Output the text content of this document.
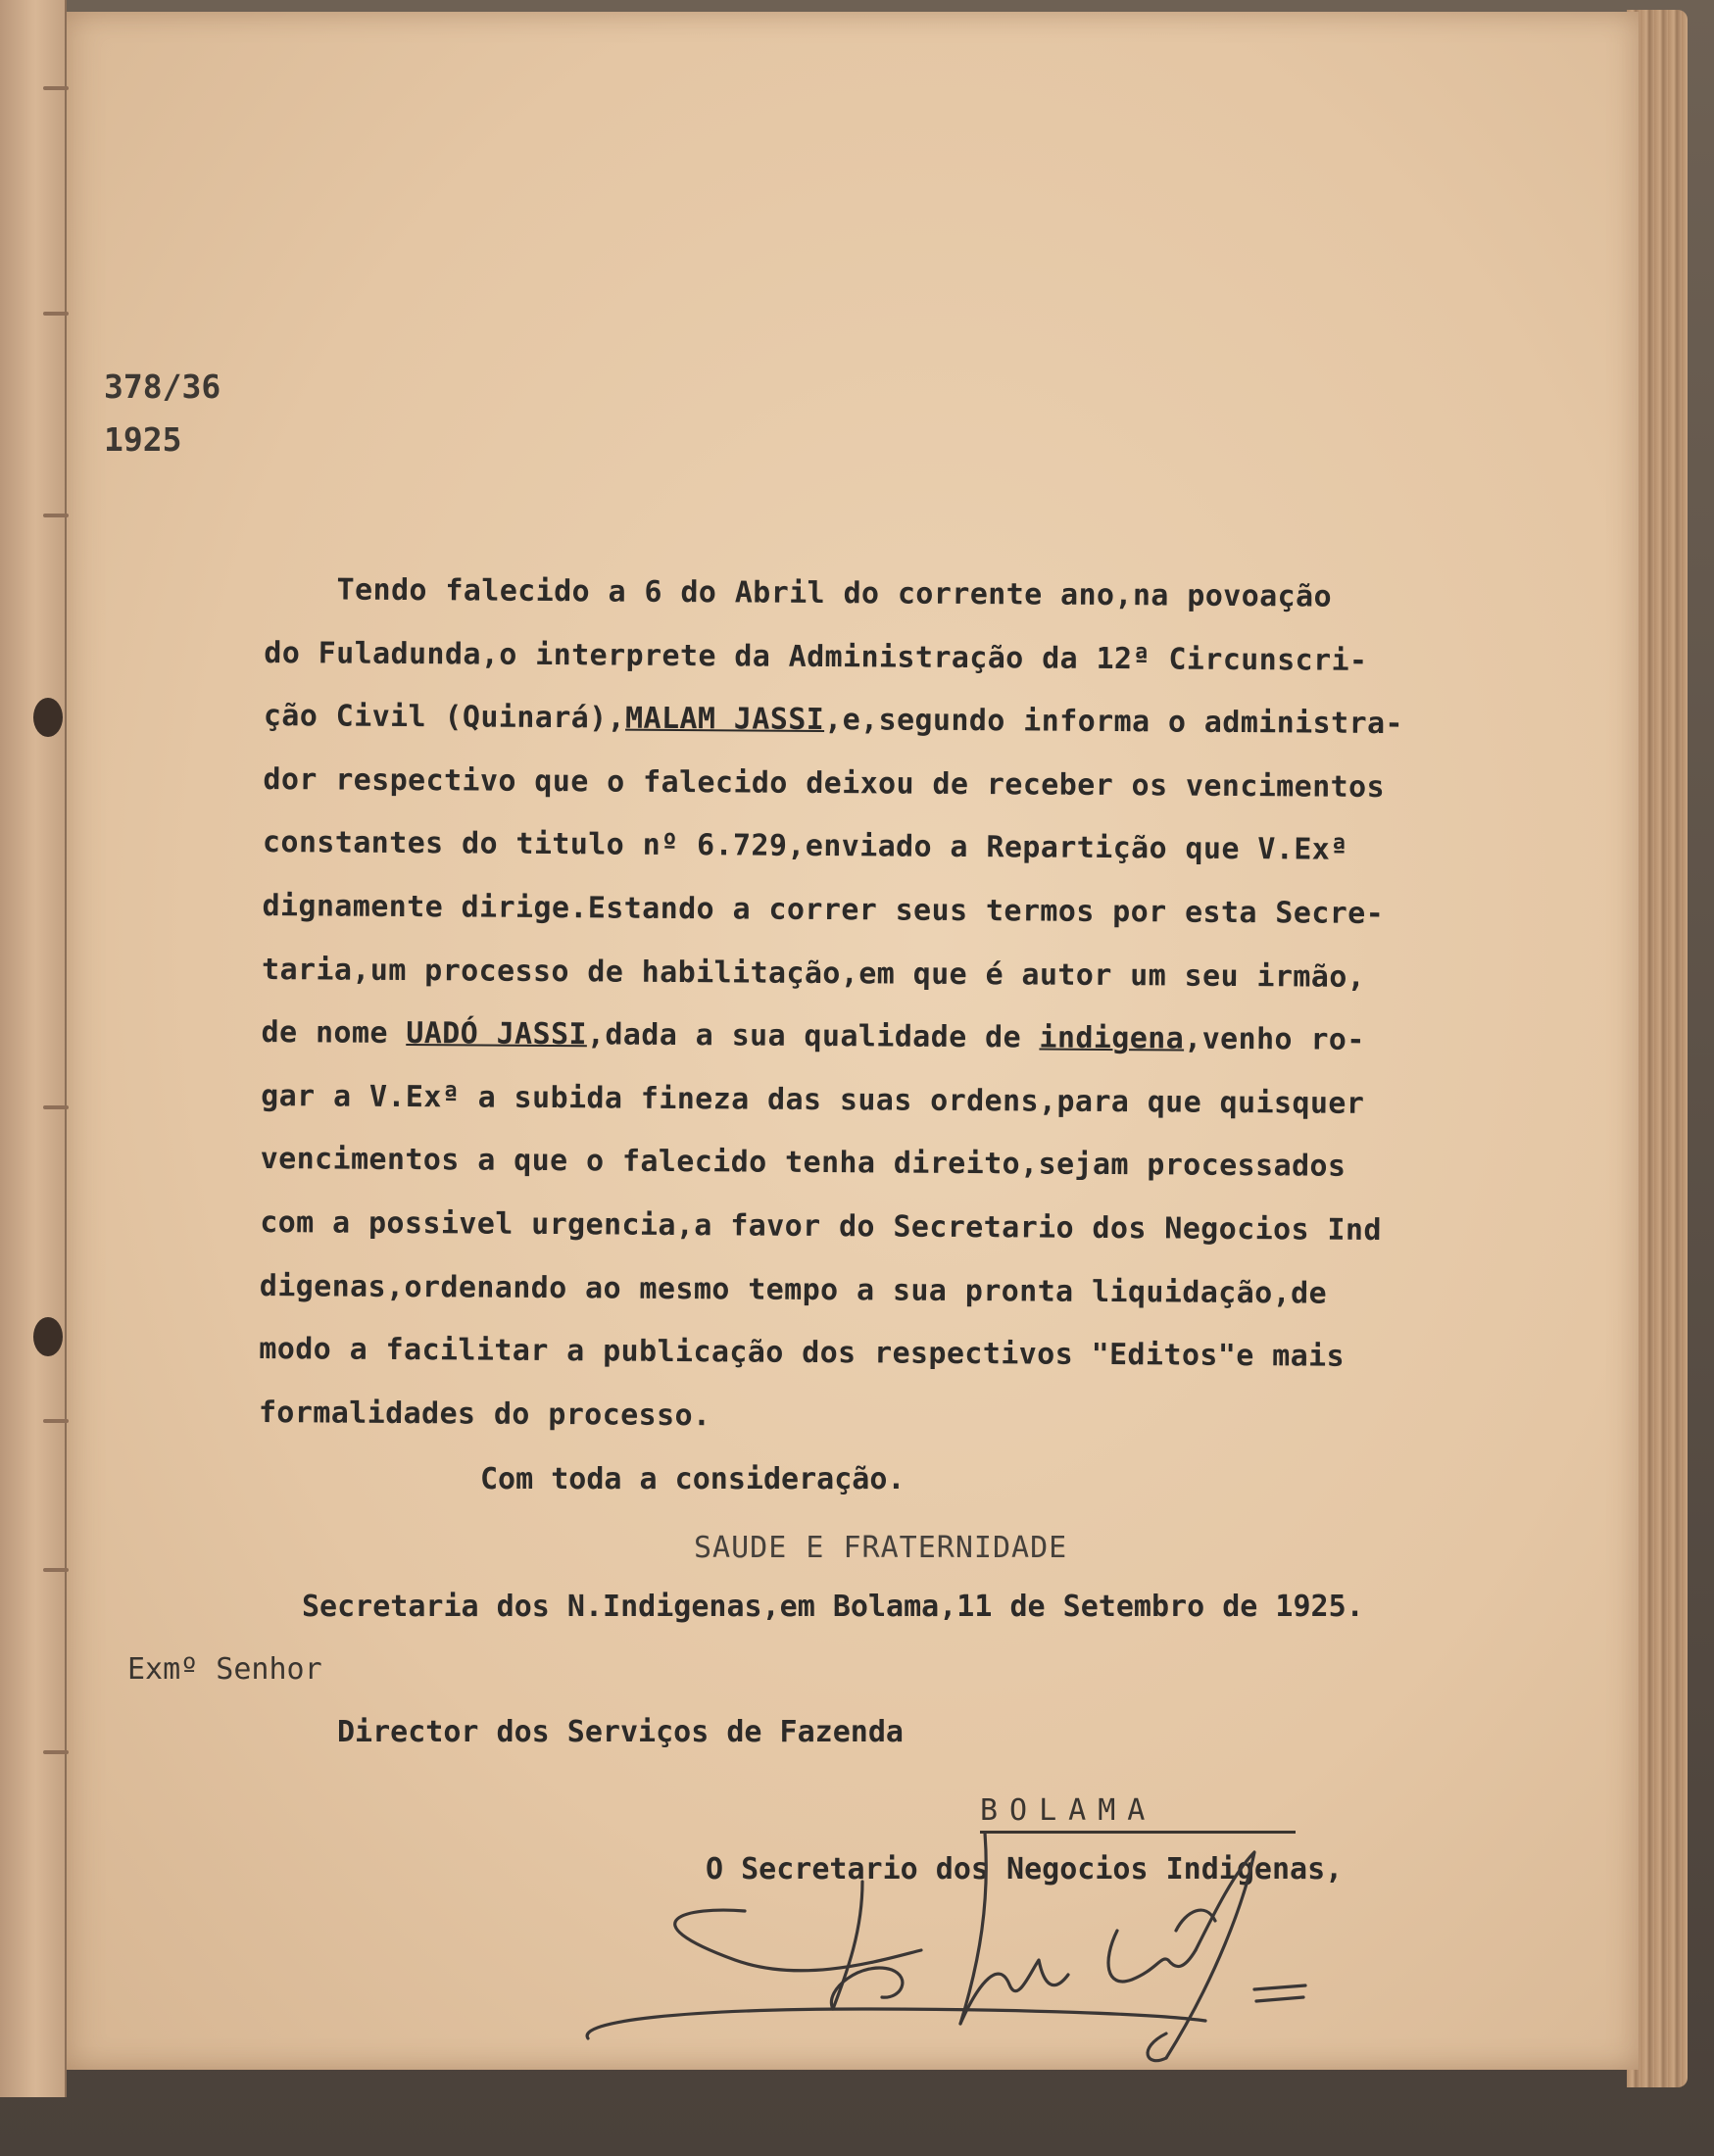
378/36
1925
Tendo falecido a 6 do Abril do corrente ano,na povoação
do Fuladunda,o interprete da Administração da 12ª Circunscri-
ção Civil (Quinará),MALAM JASSI,e,segundo informa o administra-
dor respectivo que o falecido deixou de receber os vencimentos
constantes do titulo nº 6.729,enviado a Repartição que V.Exª
dignamente dirige.Estando a correr seus termos por esta Secre-
taria,um processo de habilitação,em que é autor um seu irmão,
de nome UADÓ JASSI,dada a sua qualidade de indigena,venho ro-
gar a V.Exª a subida fineza das suas ordens,para que quisquer
vencimentos a que o falecido tenha direito,sejam processados
com a possivel urgencia,a favor do Secretario dos Negocios Ind
digenas,ordenando ao mesmo tempo a sua pronta liquidação,de
modo a facilitar a publicação dos respectivos "Editos"e mais
formalidades do processo.
Com toda a consideração.
SAUDE E FRATERNIDADE
Secretaria dos N.Indigenas,em Bolama,11 de Setembro de 1925.
Exmº Senhor
Director dos Serviços de Fazenda
BOLAMA
O Secretario dos Negocios Indigenas,
